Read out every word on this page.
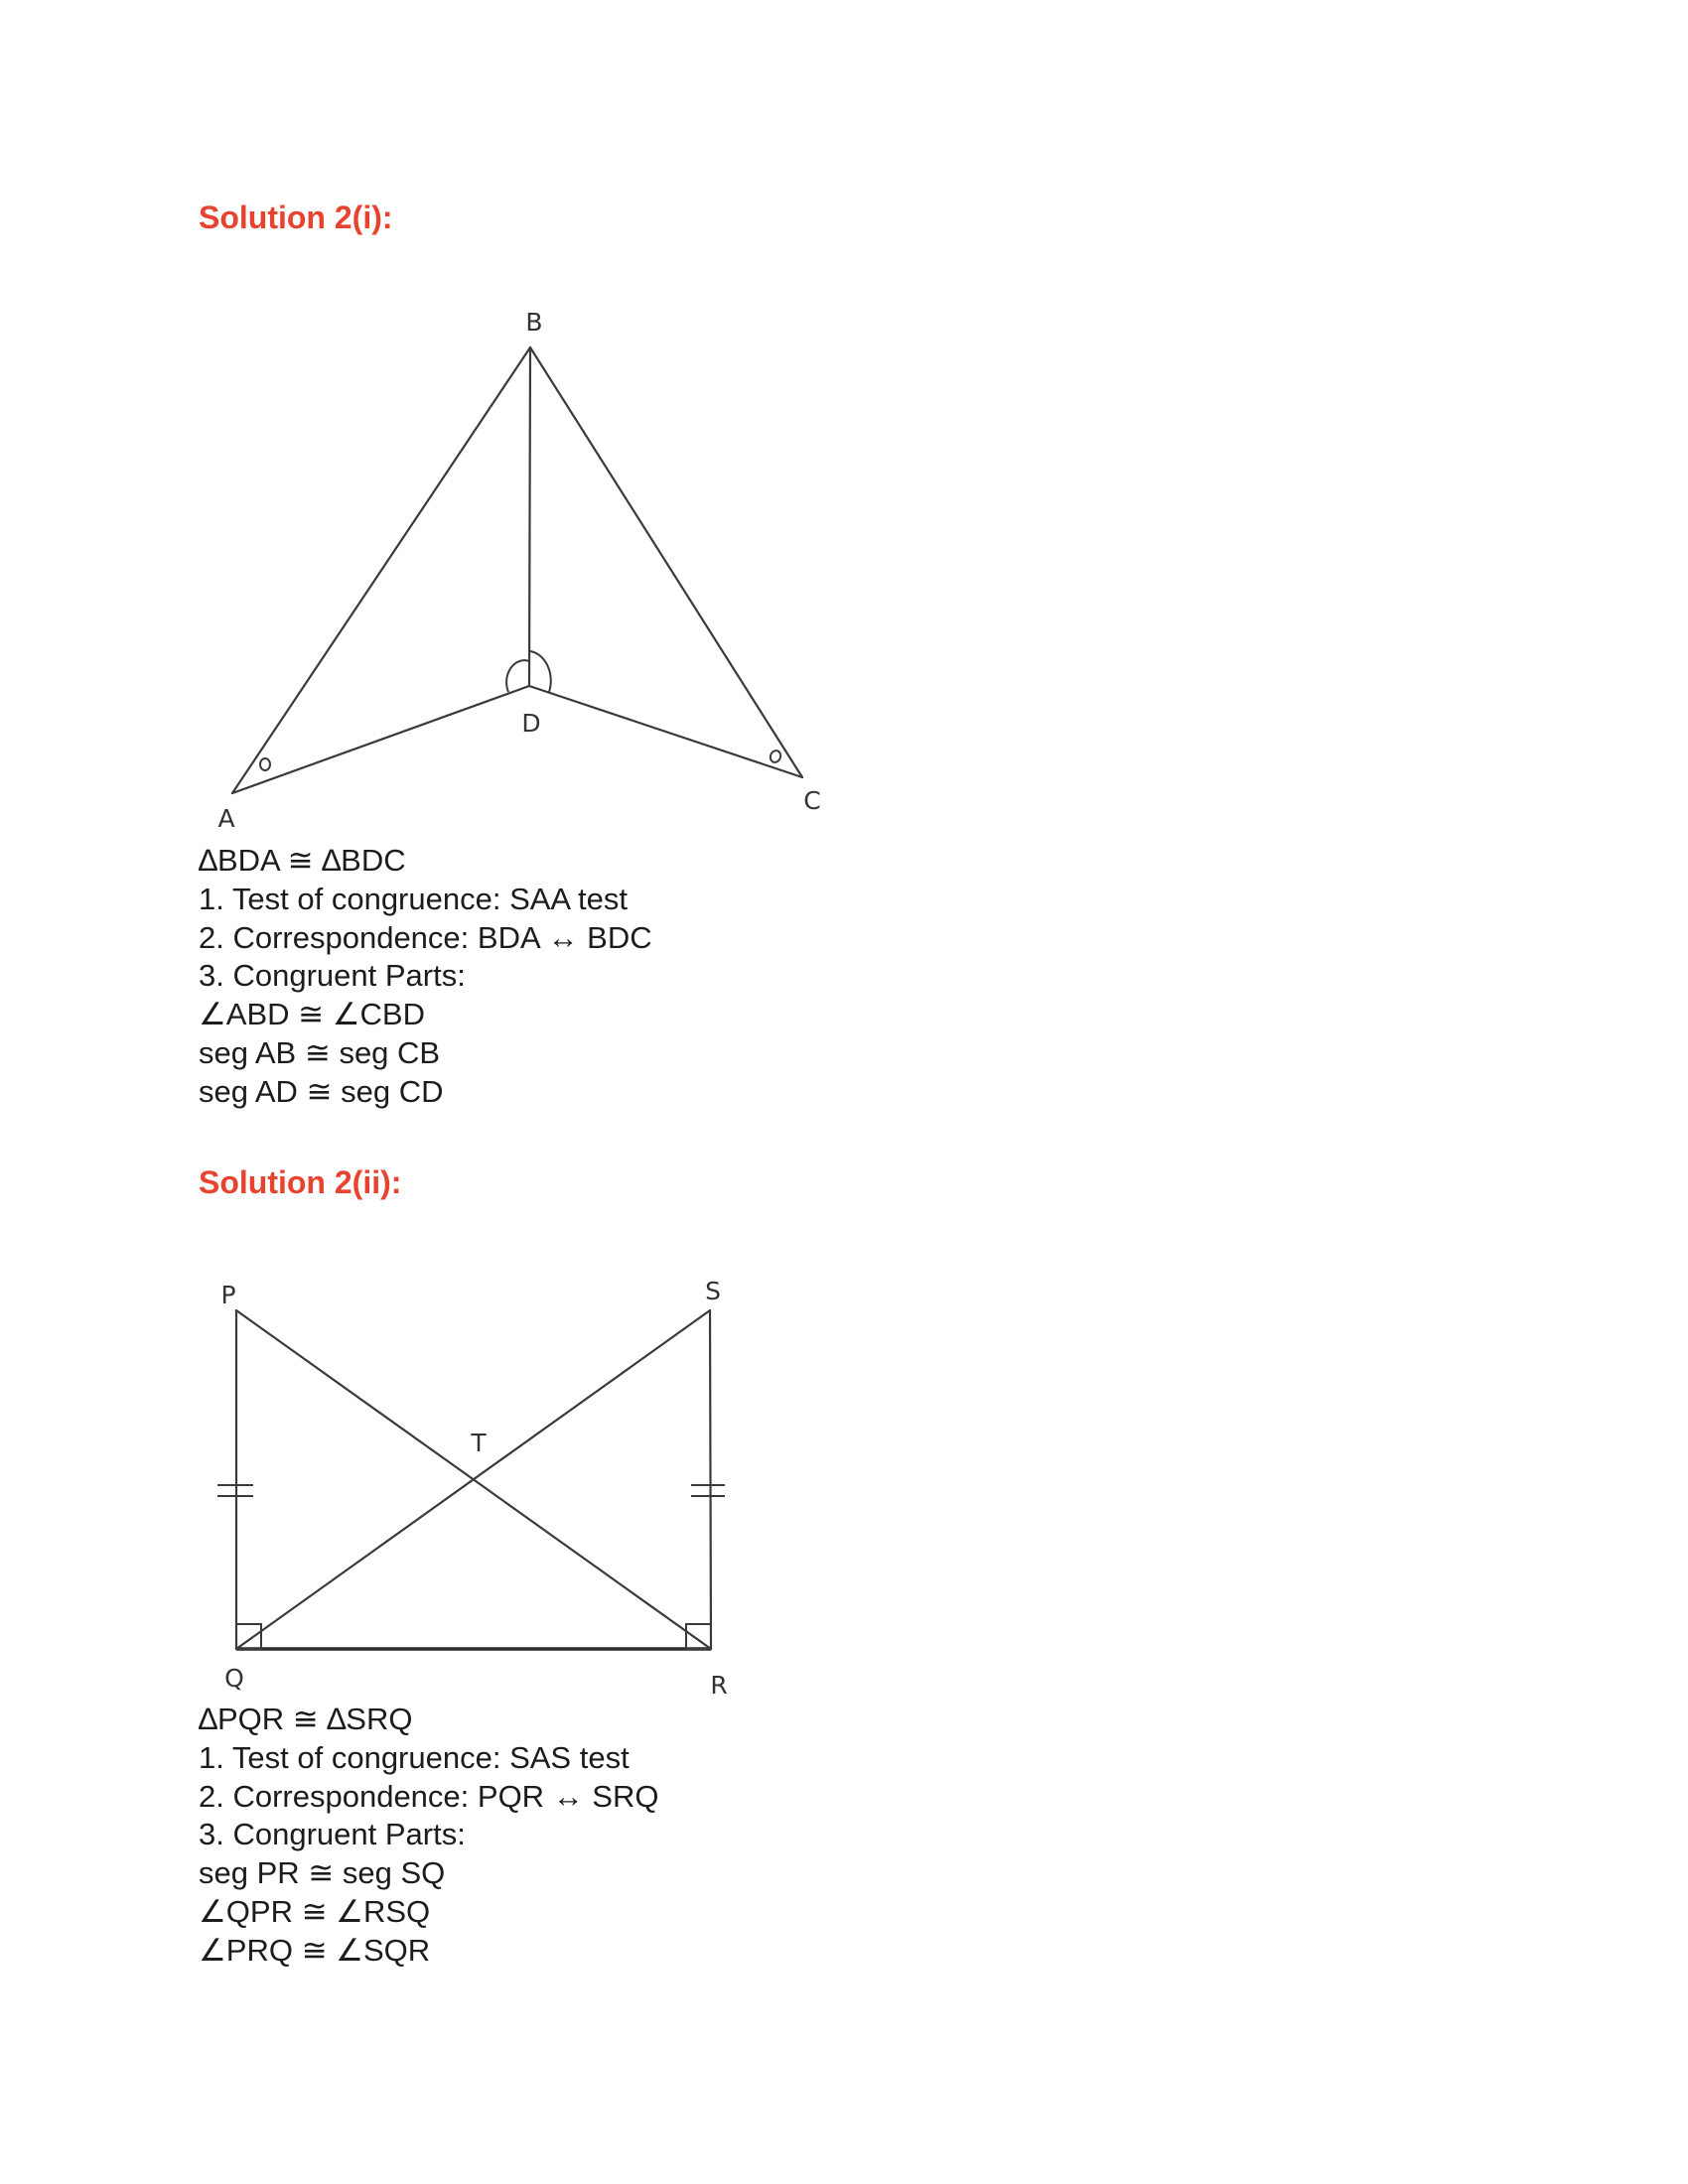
Solution 2(i):
A
B
C
D
∆BDA ≅ ∆BDC
1. Test of congruence: SAA test
2. Correspondence: BDA ↔ BDC
3. Congruent Parts:
∠ABD ≅ ∠CBD
seg AB ≅ seg CB
seg AD ≅ seg CD
Solution 2(ii):
P	S
Q	R
T
∆PQR ≅ ∆SRQ
1. Test of congruence: SAS test
2. Correspondence: PQR ↔ SRQ
3. Congruent Parts:
seg PR ≅ seg SQ
∠QPR ≅ ∠RSQ
∠PRQ ≅ ∠SQR
